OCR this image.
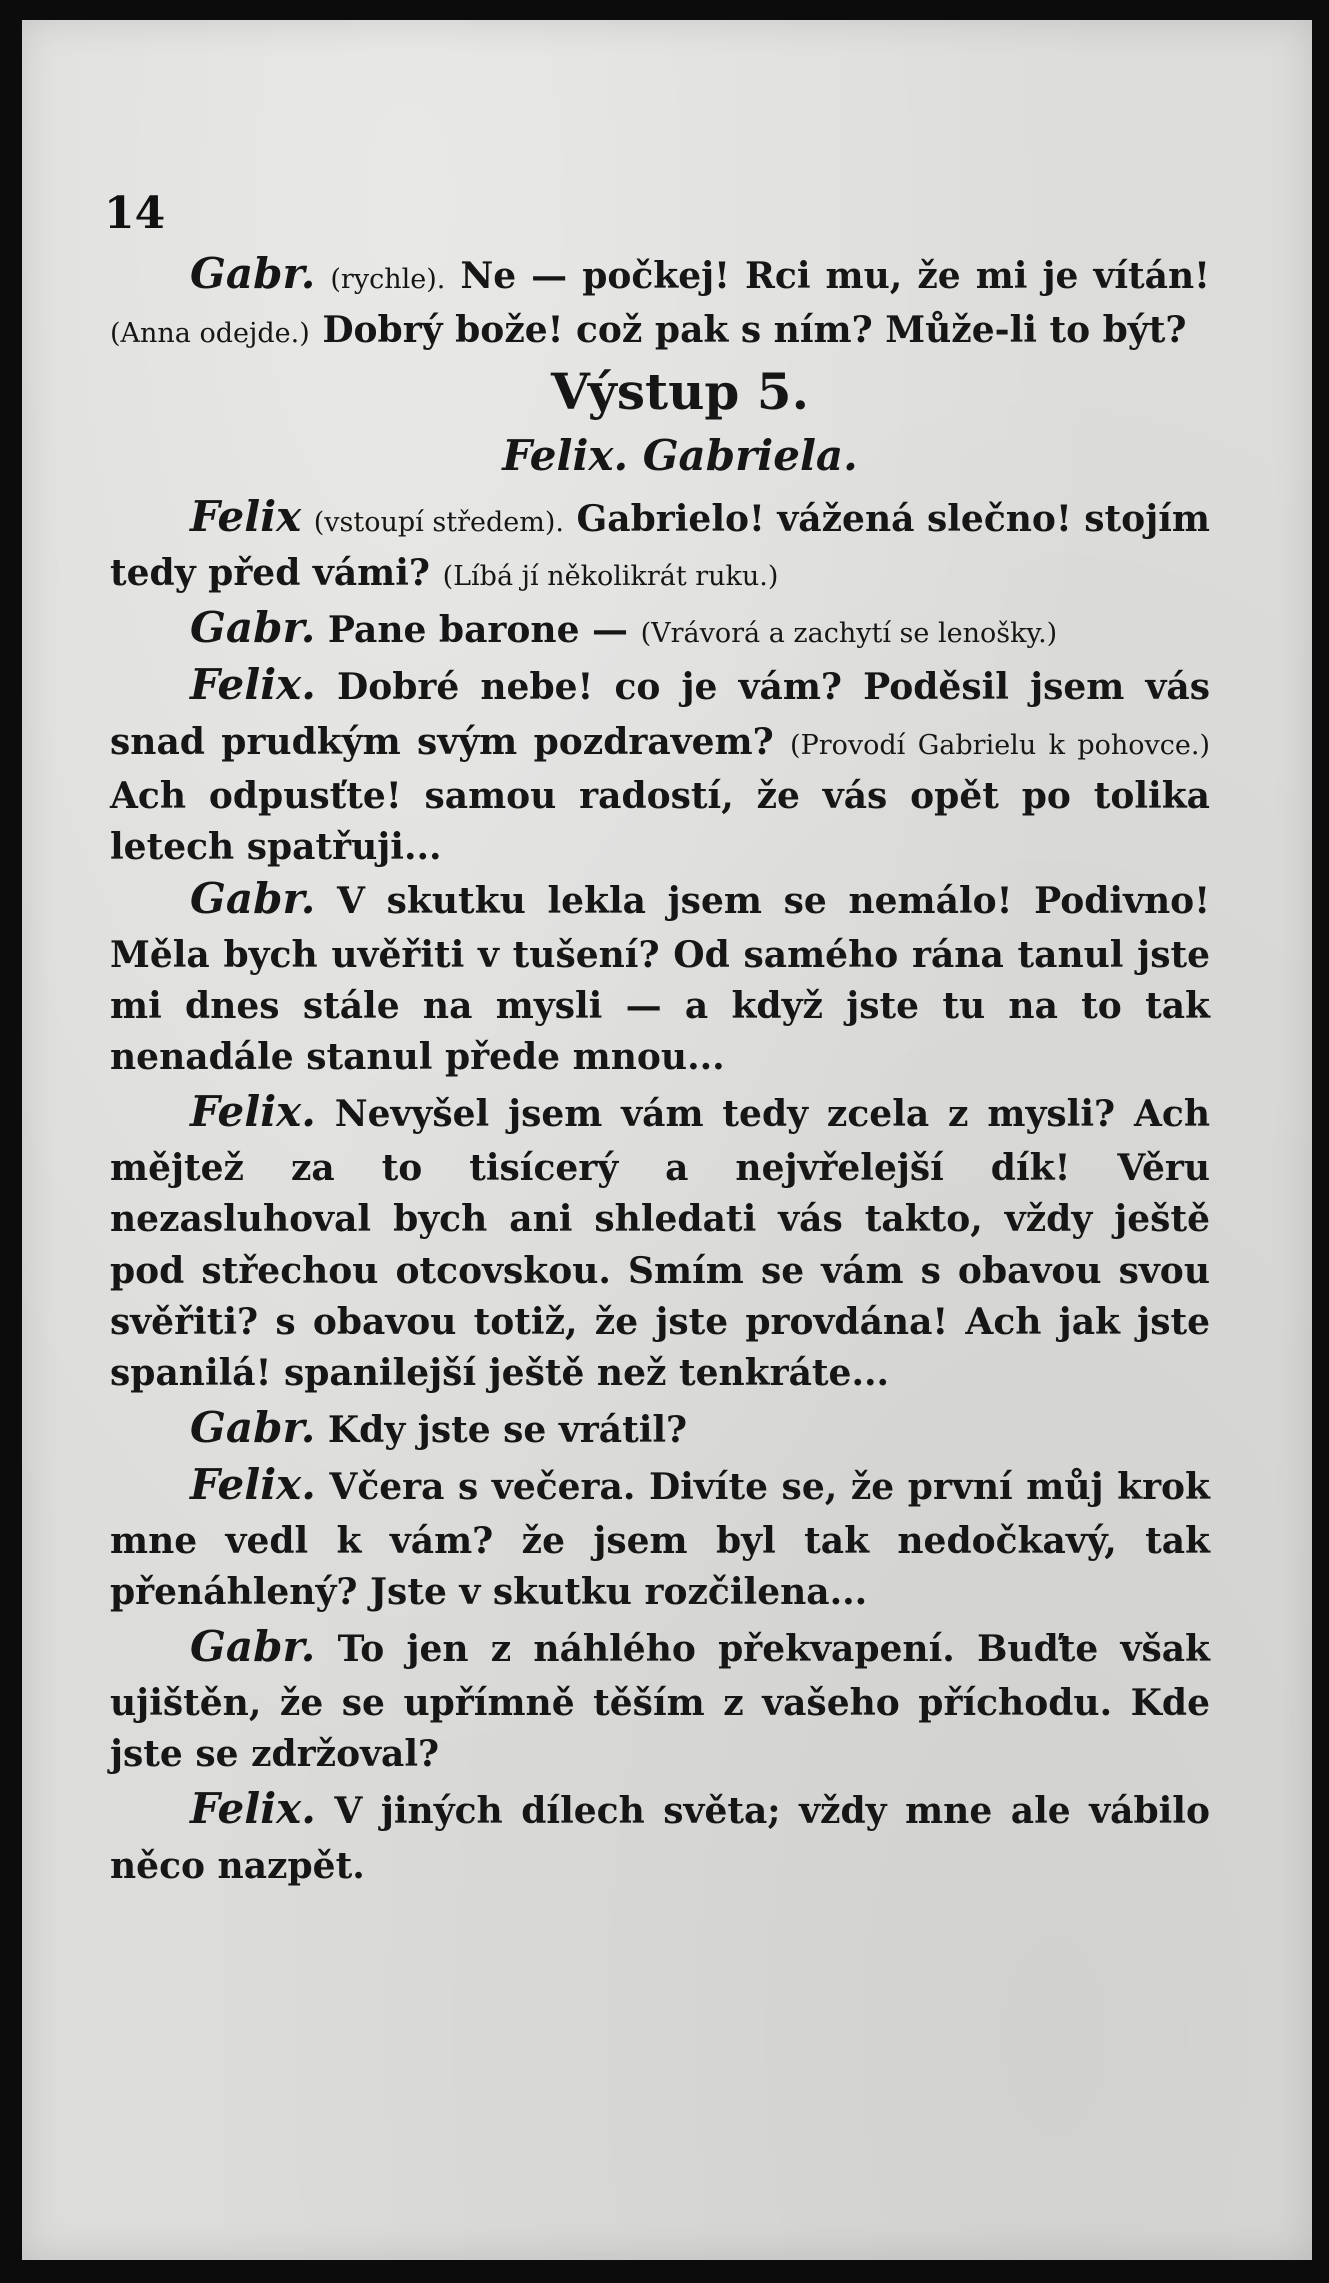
14

Gabr. (rychle). Ne — počkej! Rci mu, že mi je vítán! (Anna odejde.) Dobrý bože! což pak s ním? Může-li to být?

Výstup 5.

Felix. Gabriela.

Felix (vstoupí středem). Gabrielo! vážená slečno! stojím tedy před vámi? (Líbá jí několikrát ruku.)

Gabr. Pane barone — (Vrávorá a zachytí se lenošky.)

Felix. Dobré nebe! co je vám? Poděsil jsem vás snad prudkým svým pozdravem? (Provodí Gabrielu k pohovce.) Ach odpusťte! samou radostí, že vás opět po tolika letech spatřuji...

Gabr. V skutku lekla jsem se nemálo! Podivno! Měla bych uvěřiti v tušení? Od samého rána tanul jste mi dnes stále na mysli — a když jste tu na to tak nenadále stanul přede mnou...

Felix. Nevyšel jsem vám tedy zcela z mysli? Ach mějtež za to tisícerý a nejvřelejší dík! Věru nezasluhoval bych ani shledati vás takto, vždy ještě pod střechou otcovskou. Smím se vám s obavou svou svěřiti? s obavou totiž, že jste provdána! Ach jak jste spanilá! spanilejší ještě než tenkráte...

Gabr. Kdy jste se vrátil?

Felix. Včera s večera. Divíte se, že první můj krok mne vedl k vám? že jsem byl tak nedočkavý, tak přenáhlený? Jste v skutku rozčilena...

Gabr. To jen z náhlého překvapení. Buďte však ujištěn, že se upřímně těším z vašeho příchodu. Kde jste se zdržoval?

Felix. V jiných dílech světa; vždy mne ale vábilo něco nazpět.
